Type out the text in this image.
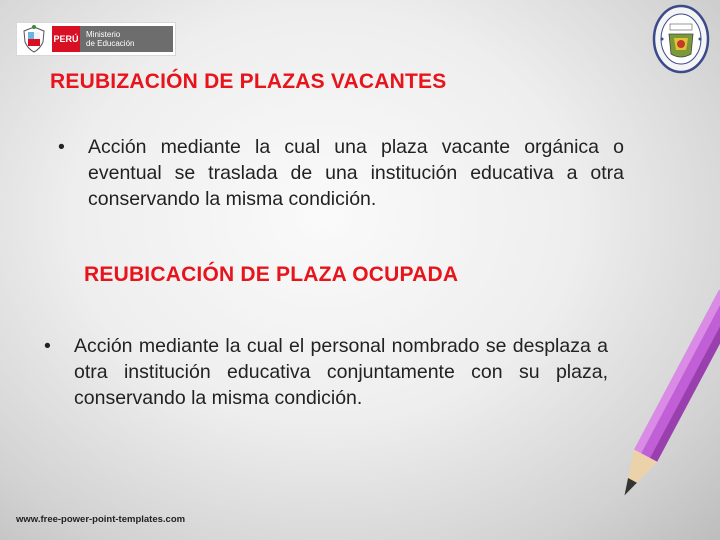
PERÚ Ministerio
de Educación
REUBIZACIÓN DE PLAZAS VACANTES
•	Acción mediante la cual una plaza vacante orgánica o eventual se traslada de una institución educativa a otra conservando la misma condición.
REUBICACIÓN DE PLAZA OCUPADA
•	Acción mediante la cual el personal nombrado se desplaza a otra institución educativa conjuntamente con su plaza, conservando la misma condición.
www.free-power-point-templates.com
